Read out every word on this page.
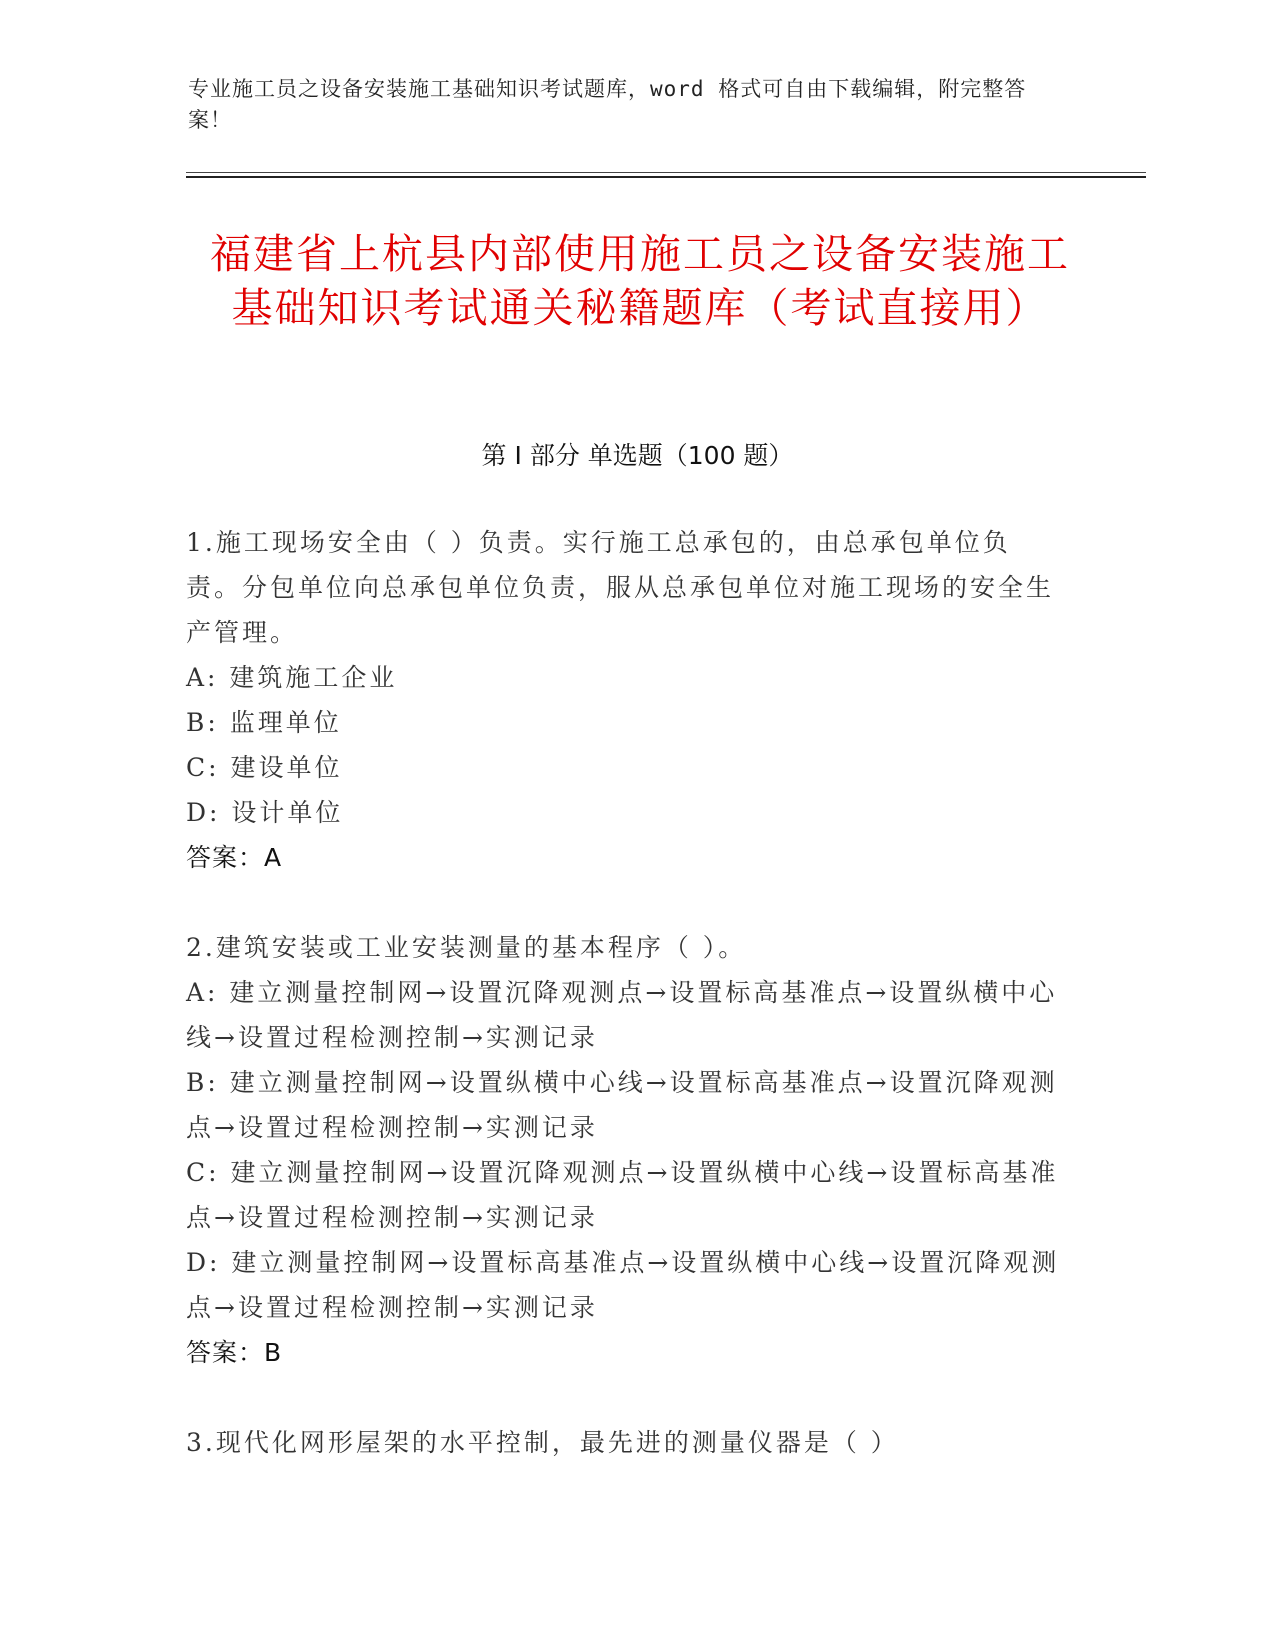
专业施工员之设备安装施工基础知识考试题库，word 格式可自由下载编辑，附完整答案！
福建省上杭县内部使用施工员之设备安装施工基础知识考试通关秘籍题库（考试直接用）
第 I 部分 单选题（100 题）
1.施工现场安全由（ ）负责。实行施工总承包的，由总承包单位负责。分包单位向总承包单位负责，服从总承包单位对施工现场的安全生产管理。
A: 建筑施工企业
B: 监理单位
C: 建设单位
D: 设计单位
答案：A
2.建筑安装或工业安装测量的基本程序（ ）。
A: 建立测量控制网→设置沉降观测点→设置标高基准点→设置纵横中心线→设置过程检测控制→实测记录
B: 建立测量控制网→设置纵横中心线→设置标高基准点→设置沉降观测点→设置过程检测控制→实测记录
C: 建立测量控制网→设置沉降观测点→设置纵横中心线→设置标高基准点→设置过程检测控制→实测记录
D: 建立测量控制网→设置标高基准点→设置纵横中心线→设置沉降观测点→设置过程检测控制→实测记录
答案：B
3.现代化网形屋架的水平控制，最先进的测量仪器是（ ）
